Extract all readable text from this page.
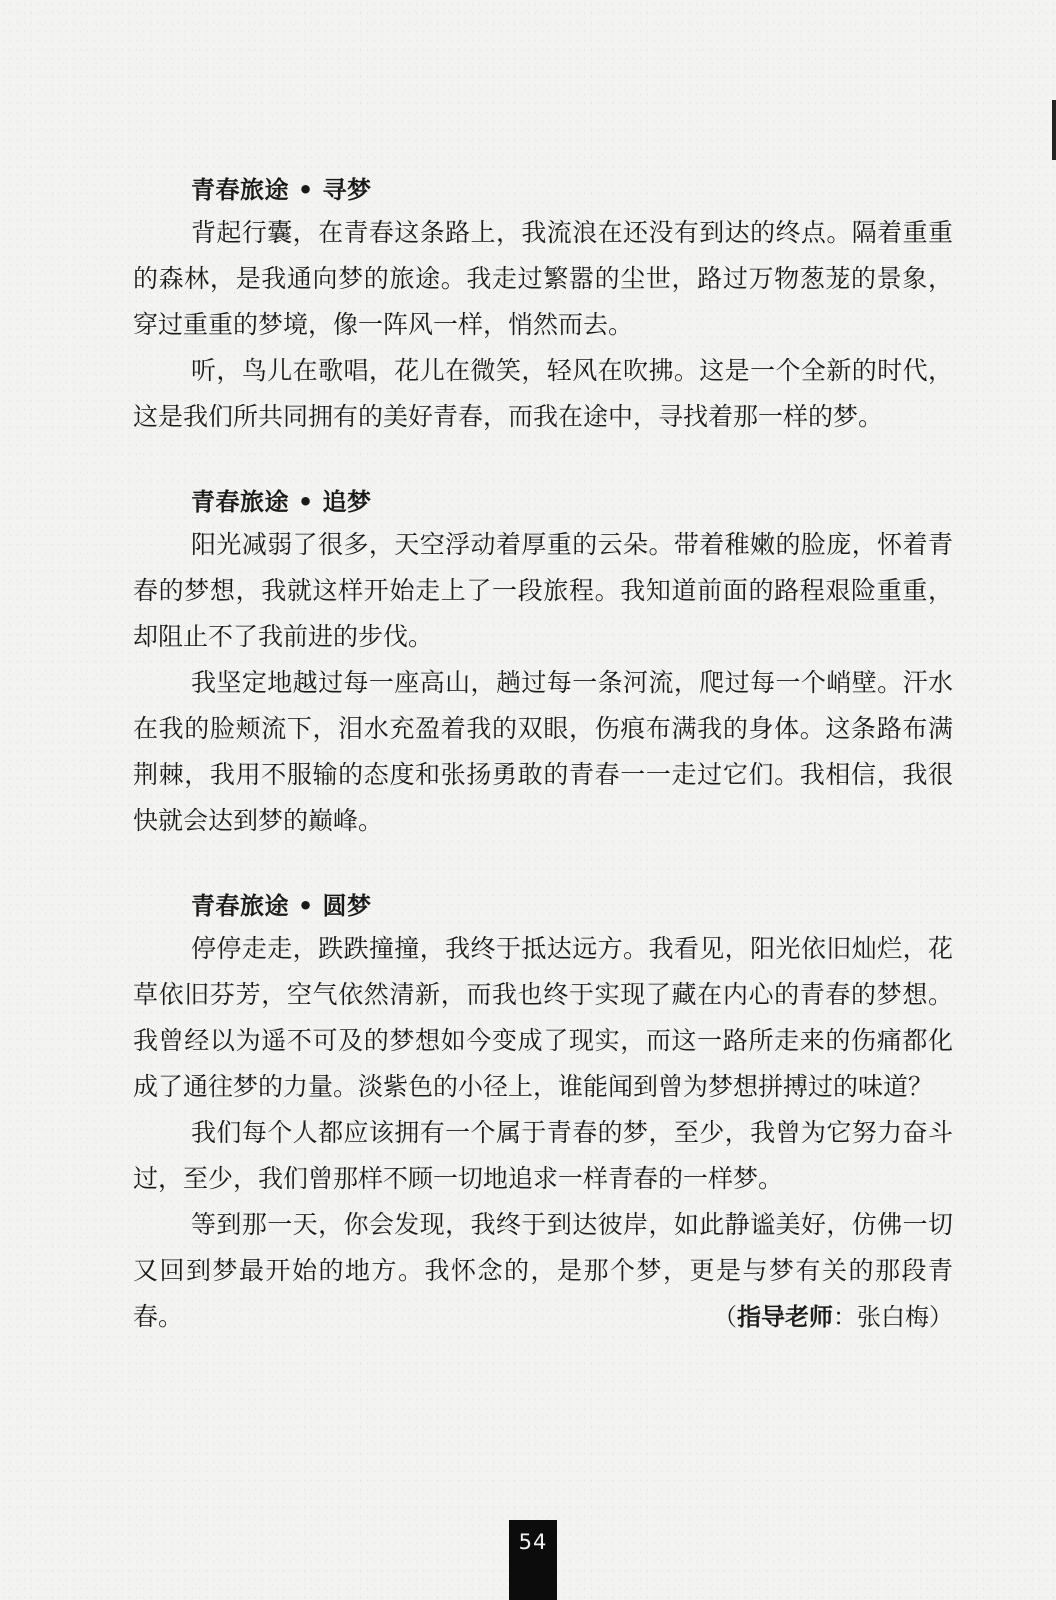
青春旅途 • 寻梦

背起行囊，在青春这条路上，我流浪在还没有到达的终点。隔着重重的森林，是我通向梦的旅途。我走过繁嚣的尘世，路过万物葱茏的景象，穿过重重的梦境，像一阵风一样，悄然而去。

听，鸟儿在歌唱，花儿在微笑，轻风在吹拂。这是一个全新的时代，这是我们所共同拥有的美好青春，而我在途中，寻找着那一样的梦。

青春旅途 • 追梦

阳光减弱了很多，天空浮动着厚重的云朵。带着稚嫩的脸庞，怀着青春的梦想，我就这样开始走上了一段旅程。我知道前面的路程艰险重重，却阻止不了我前进的步伐。

我坚定地越过每一座高山，趟过每一条河流，爬过每一个峭壁。汗水在我的脸颊流下，泪水充盈着我的双眼，伤痕布满我的身体。这条路布满荆棘，我用不服输的态度和张扬勇敢的青春一一走过它们。我相信，我很快就会达到梦的巅峰。

青春旅途 • 圆梦

停停走走，跌跌撞撞，我终于抵达远方。我看见，阳光依旧灿烂，花草依旧芬芳，空气依然清新，而我也终于实现了藏在内心的青春的梦想。我曾经以为遥不可及的梦想如今变成了现实，而这一路所走来的伤痛都化成了通往梦的力量。淡紫色的小径上，谁能闻到曾为梦想拼搏过的味道？

我们每个人都应该拥有一个属于青春的梦，至少，我曾为它努力奋斗过，至少，我们曾那样不顾一切地追求一样青春的一样梦。

等到那一天，你会发现，我终于到达彼岸，如此静谧美好，仿佛一切又回到梦最开始的地方。我怀念的，是那个梦，更是与梦有关的那段青春。	（指导老师：张白梅）
54
